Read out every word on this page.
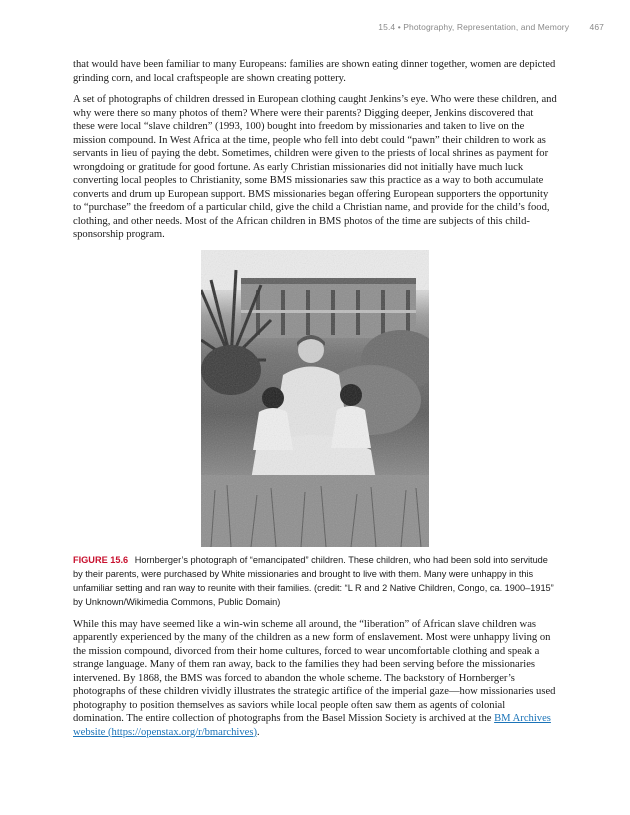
15.4 • Photography, Representation, and Memory 467

that would have been familiar to many Europeans: families are shown eating dinner together, women are depicted grinding corn, and local craftspeople are shown creating pottery.

A set of photographs of children dressed in European clothing caught Jenkins’s eye. Who were these children, and why were there so many photos of them? Where were their parents? Digging deeper, Jenkins discovered that these were local “slave children” (1993, 100) bought into freedom by missionaries and taken to live on the mission compound. In West Africa at the time, people who fell into debt could “pawn” their children to work as servants in lieu of paying the debt. Sometimes, children were given to the priests of local shrines as payment for wrongdoing or gratitude for good fortune. As early Christian missionaries did not initially have much luck converting local peoples to Christianity, some BMS missionaries saw this practice as a way to both accumulate converts and drum up European support. BMS missionaries began offering European supporters the opportunity to “purchase” the freedom of a particular child, give the child a Christian name, and provide for the child’s food, clothing, and other needs. Most of the African children in BMS photos of the time are subjects of this child-sponsorship program.

FIGURE 15.6 Hornberger’s photograph of “emancipated” children. These children, who had been sold into servitude by their parents, were purchased by White missionaries and brought to live with them. Many were unhappy in this unfamiliar setting and ran way to reunite with their families. (credit: “L R and 2 Native Children, Congo, ca. 1900–1915” by Unknown/Wikimedia Commons, Public Domain)

While this may have seemed like a win-win scheme all around, the “liberation” of African slave children was apparently experienced by the many of the children as a new form of enslavement. Most were unhappy living on the mission compound, divorced from their home cultures, forced to wear uncomfortable clothing and speak a strange language. Many of them ran away, back to the families they had been serving before the missionaries intervened. By 1868, the BMS was forced to abandon the whole scheme. The backstory of Hornberger’s photographs of these children vividly illustrates the strategic artifice of the imperial gaze—how missionaries used photography to position themselves as saviors while local people often saw them as agents of colonial domination. The entire collection of photographs from the Basel Mission Society is archived at the BM Archives website (https://openstax.org/r/bmarchives).
